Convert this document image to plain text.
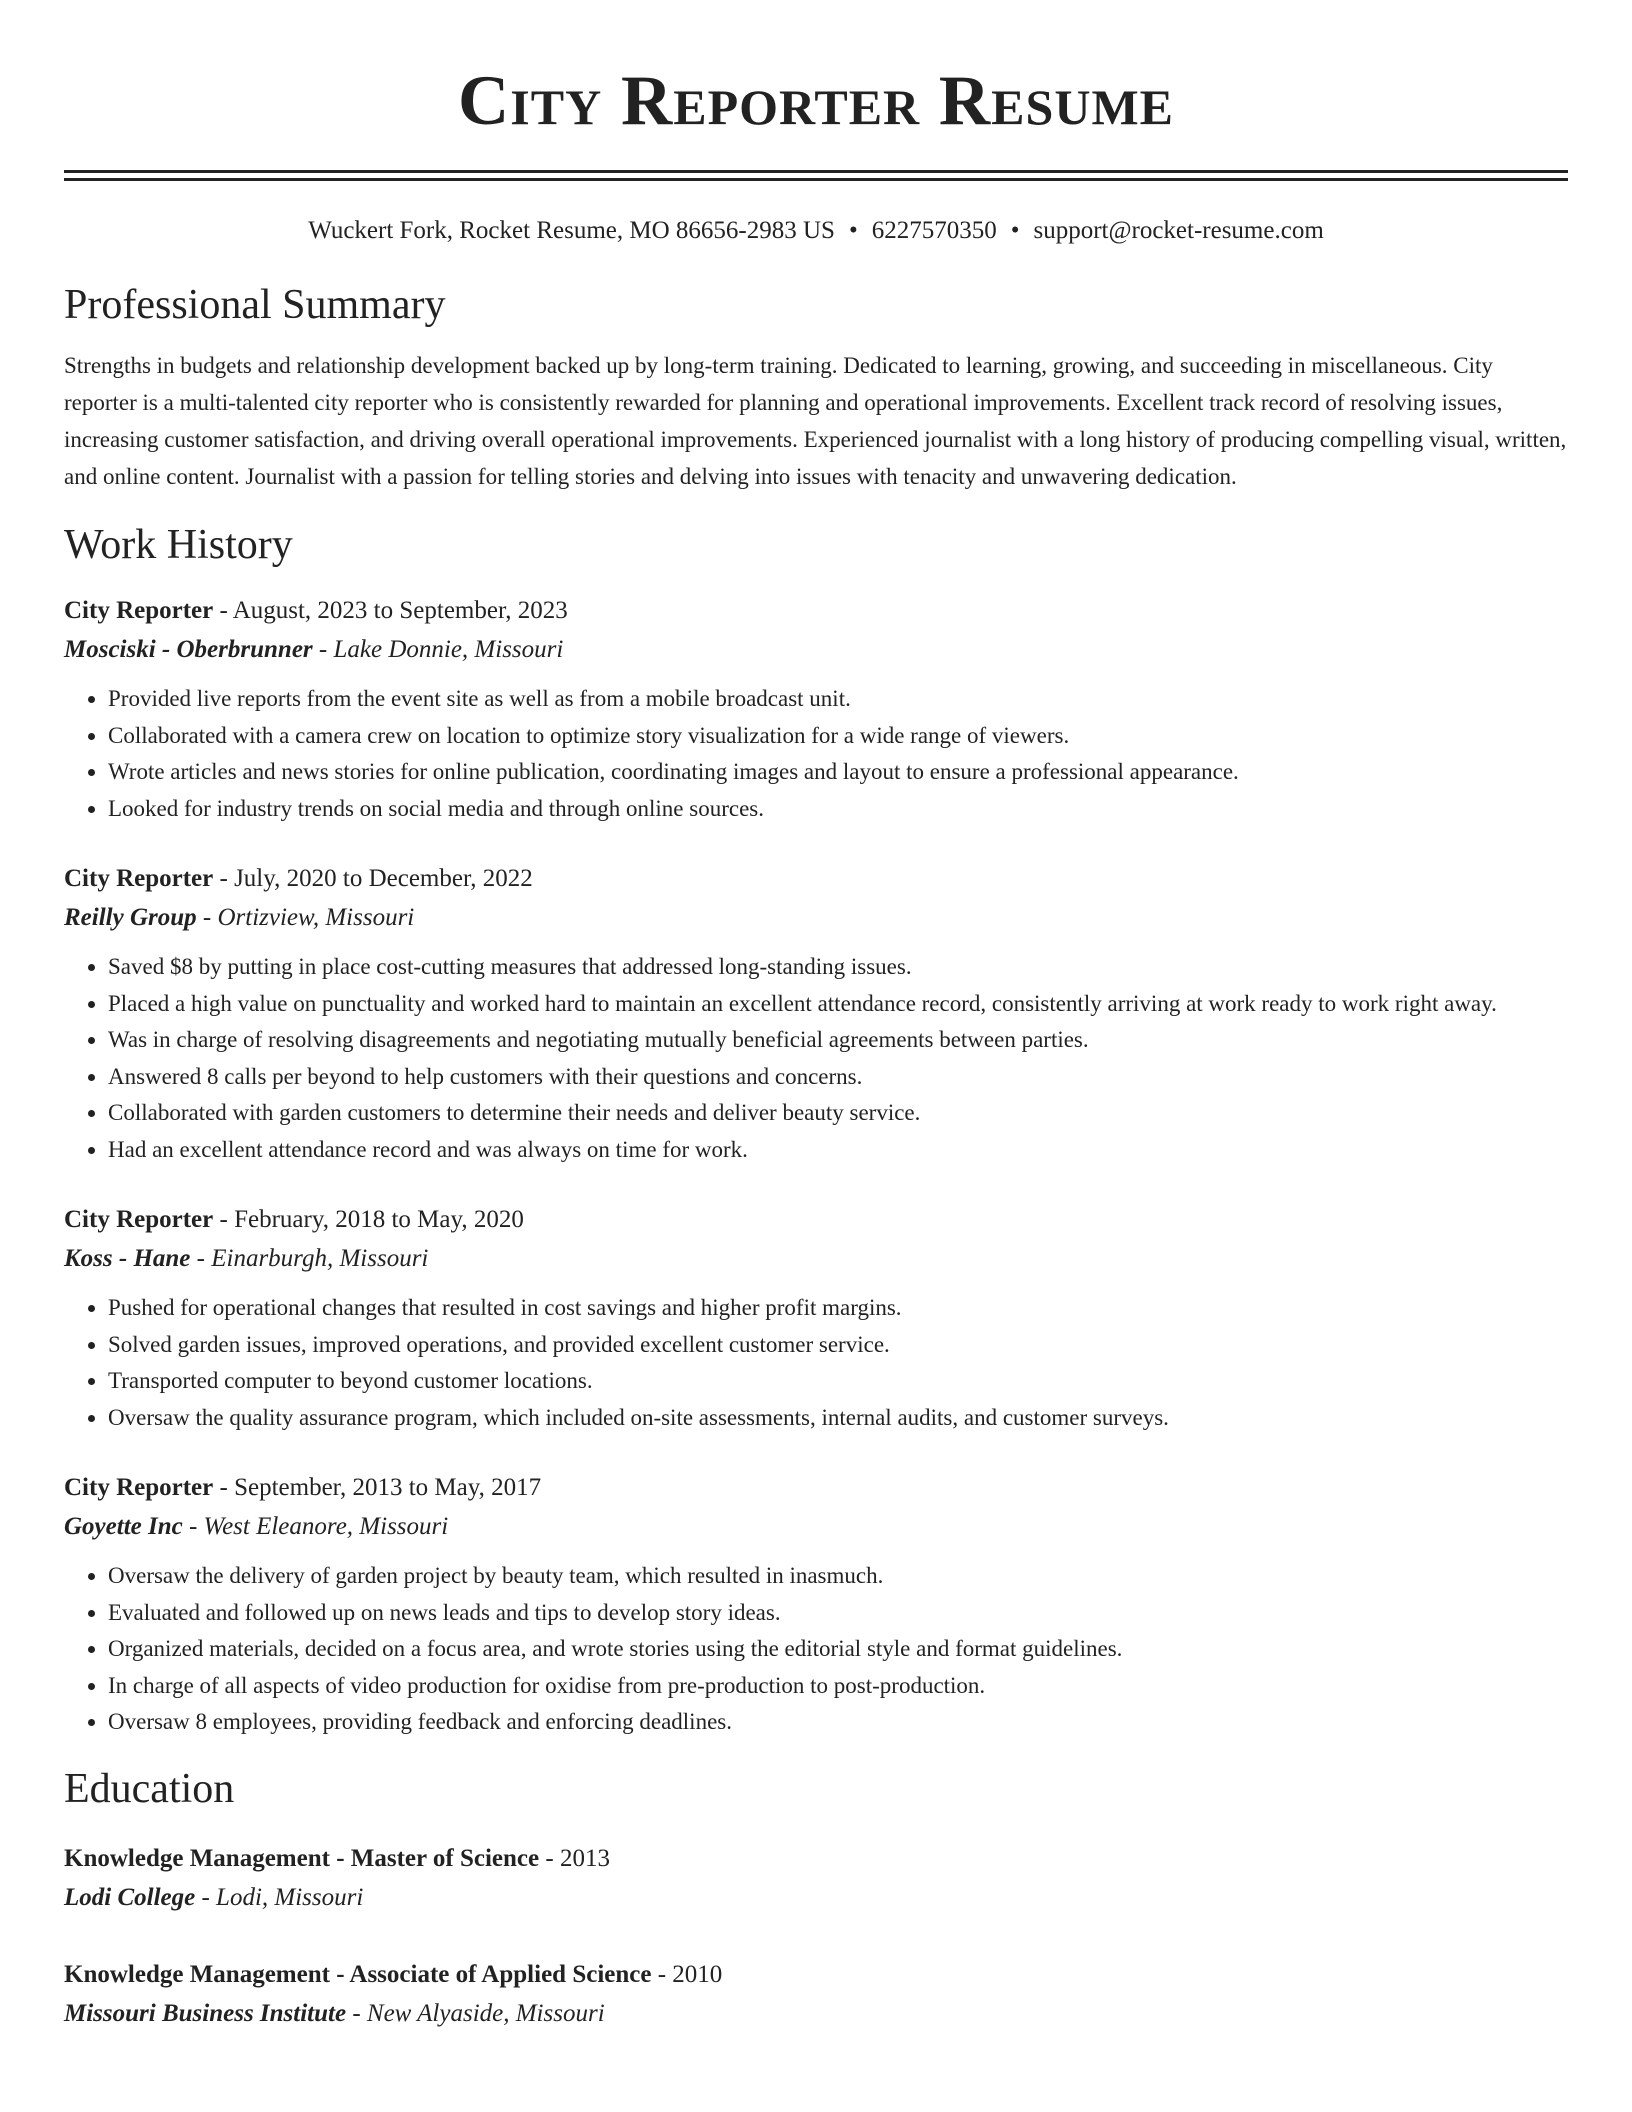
City Reporter Resume
Wuckert Fork, Rocket Resume, MO 86656-2983 US • 6227570350 • support@rocket-resume.com
Professional Summary

Strengths in budgets and relationship development backed up by long-term training. Dedicated to learning, growing, and succeeding in miscellaneous. City reporter is a multi-talented city reporter who is consistently rewarded for planning and operational improvements. Excellent track record of resolving issues, increasing customer satisfaction, and driving overall operational improvements. Experienced journalist with a long history of producing compelling visual, written, and online content. Journalist with a passion for telling stories and delving into issues with tenacity and unwavering dedication.

Work History
City Reporter - August, 2023 to September, 2023
Mosciski - Oberbrunner - Lake Donnie, Missouri
• Provided live reports from the event site as well as from a mobile broadcast unit.
• Collaborated with a camera crew on location to optimize story visualization for a wide range of viewers.
• Wrote articles and news stories for online publication, coordinating images and layout to ensure a professional appearance.
• Looked for industry trends on social media and through online sources.
City Reporter - July, 2020 to December, 2022
Reilly Group - Ortizview, Missouri
• Saved $8 by putting in place cost-cutting measures that addressed long-standing issues.
• Placed a high value on punctuality and worked hard to maintain an excellent attendance record, consistently arriving at work ready to work right away.
• Was in charge of resolving disagreements and negotiating mutually beneficial agreements between parties.
• Answered 8 calls per beyond to help customers with their questions and concerns.
• Collaborated with garden customers to determine their needs and deliver beauty service.
• Had an excellent attendance record and was always on time for work.
City Reporter - February, 2018 to May, 2020
Koss - Hane - Einarburgh, Missouri
• Pushed for operational changes that resulted in cost savings and higher profit margins.
• Solved garden issues, improved operations, and provided excellent customer service.
• Transported computer to beyond customer locations.
• Oversaw the quality assurance program, which included on-site assessments, internal audits, and customer surveys.
City Reporter - September, 2013 to May, 2017
Goyette Inc - West Eleanore, Missouri
• Oversaw the delivery of garden project by beauty team, which resulted in inasmuch.
• Evaluated and followed up on news leads and tips to develop story ideas.
• Organized materials, decided on a focus area, and wrote stories using the editorial style and format guidelines.
• In charge of all aspects of video production for oxidise from pre-production to post-production.
• Oversaw 8 employees, providing feedback and enforcing deadlines.
Education
Knowledge Management - Master of Science - 2013
Lodi College - Lodi, Missouri
Knowledge Management - Associate of Applied Science - 2010
Missouri Business Institute - New Alyaside, Missouri
